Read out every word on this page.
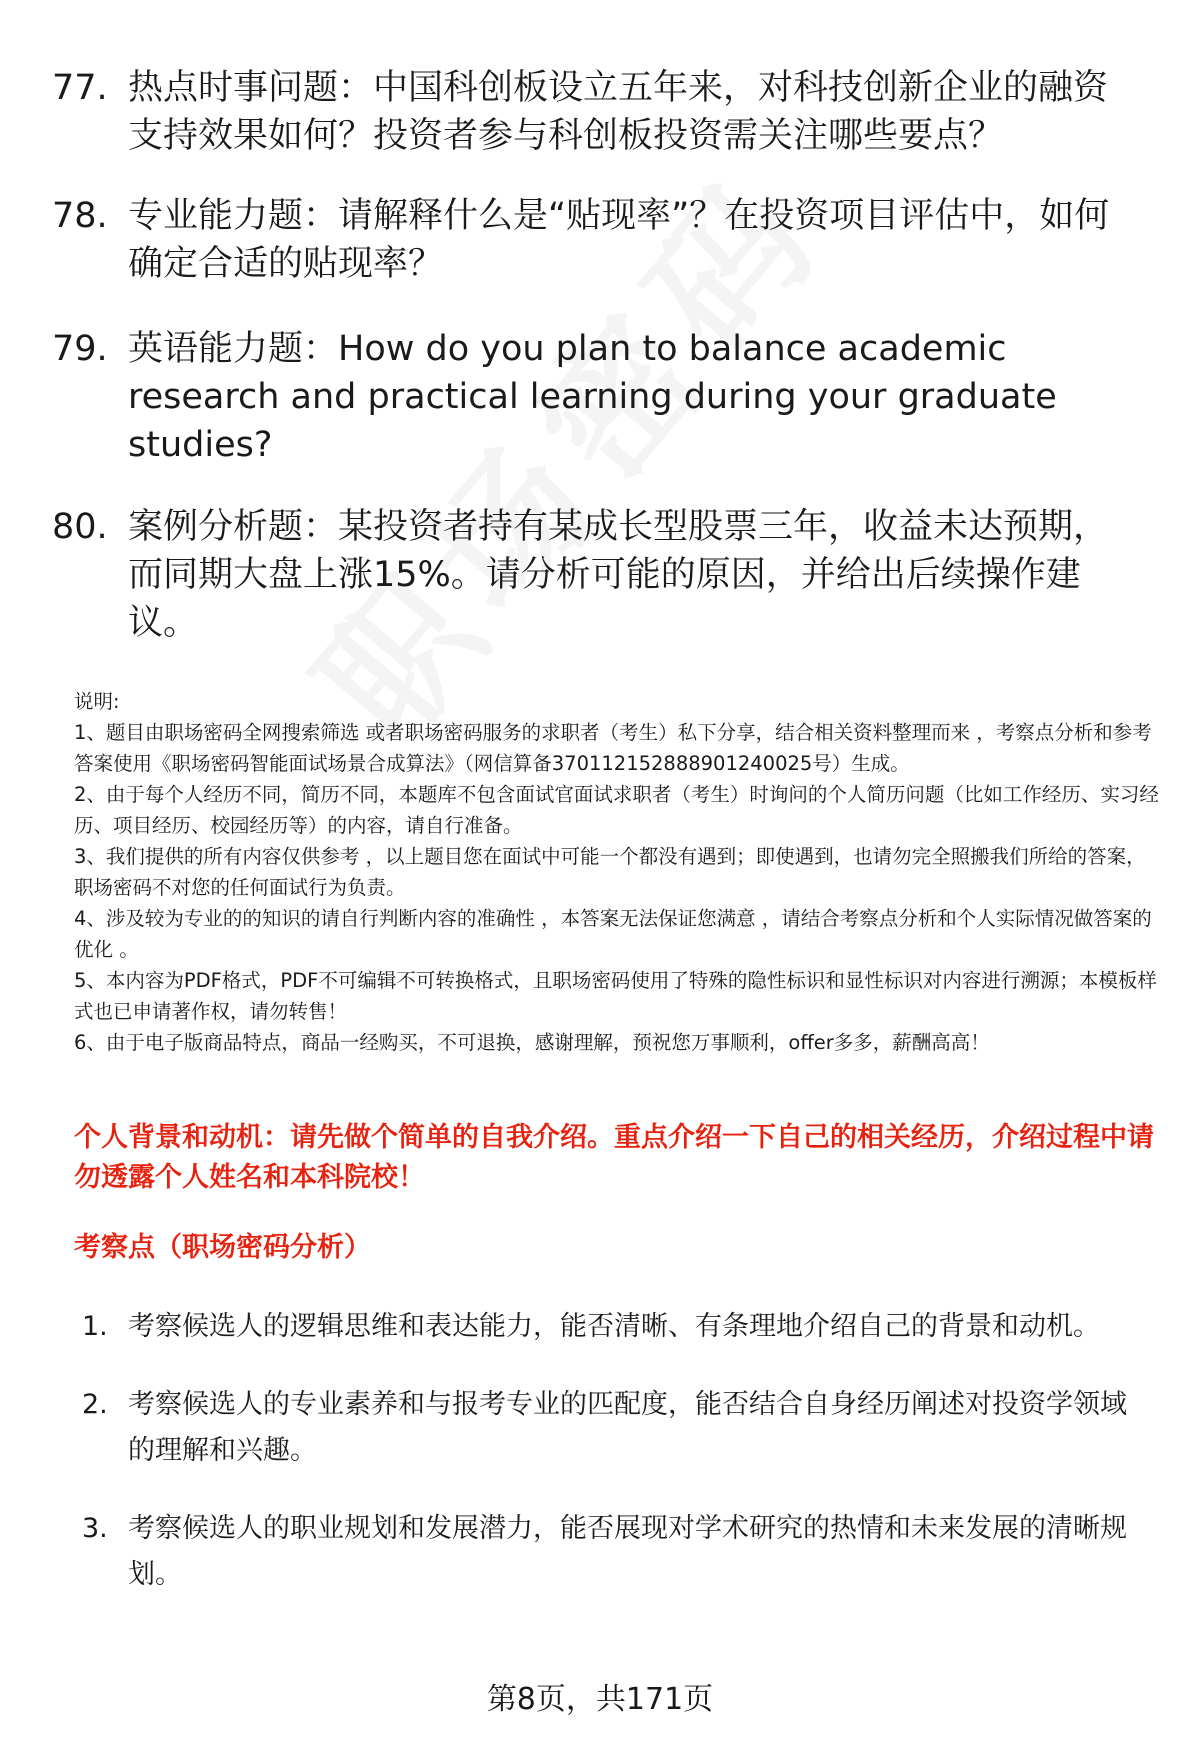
77. 热点时事问题：中国科创板设立五年来，对科技创新企业的融资支持效果如何？投资者参与科创板投资需关注哪些要点？
78. 专业能力题：请解释什么是“贴现率”？在投资项目评估中，如何确定合适的贴现率？
79. 英语能力题：How do you plan to balance academic research and practical learning during your graduate studies?
80. 案例分析题：某投资者持有某成长型股票三年，收益未达预期，而同期大盘上涨15%。请分析可能的原因，并给出后续操作建议。

说明:

1、题目由职场密码全网搜索筛选 或者职场密码服务的求职者（考生）私下分享，结合相关资料整理而来 ，考察点分析和参考答案使用《职场密码智能面试场景合成算法》（网信算备370112152888901240025号）生成。

2、由于每个人经历不同，简历不同，本题库不包含面试官面试求职者（考生）时询问的个人简历问题（比如工作经历、实习经历、项目经历、校园经历等）的内容，请自行准备。

3、我们提供的所有内容仅供参考 ，以上题目您在面试中可能一个都没有遇到；即使遇到，也请勿完全照搬我们所给的答案，职场密码不对您的任何面试行为负责。

4、涉及较为专业的的知识的请自行判断内容的准确性 ，本答案无法保证您满意 ，请结合考察点分析和个人实际情况做答案的优化 。

5、本内容为PDF格式，PDF不可编辑不可转换格式，且职场密码使用了特殊的隐性标识和显性标识对内容进行溯源；本模板样式也已申请著作权，请勿转售！

6、由于电子版商品特点，商品一经购买，不可退换，感谢理解，预祝您万事顺利，offer多多，薪酬高高！

个人背景和动机：请先做个简单的自我介绍。重点介绍一下自己的相关经历，介绍过程中请勿透露个人姓名和本科院校！
考察点（职场密码分析）
1. 考察候选人的逻辑思维和表达能力，能否清晰、有条理地介绍自己的背景和动机。
2. 考察候选人的专业素养和与报考专业的匹配度，能否结合自身经历阐述对投资学领域的理解和兴趣。
3. 考察候选人的职业规划和发展潜力，能否展现对学术研究的热情和未来发展的清晰规划。
第8页，共171页
